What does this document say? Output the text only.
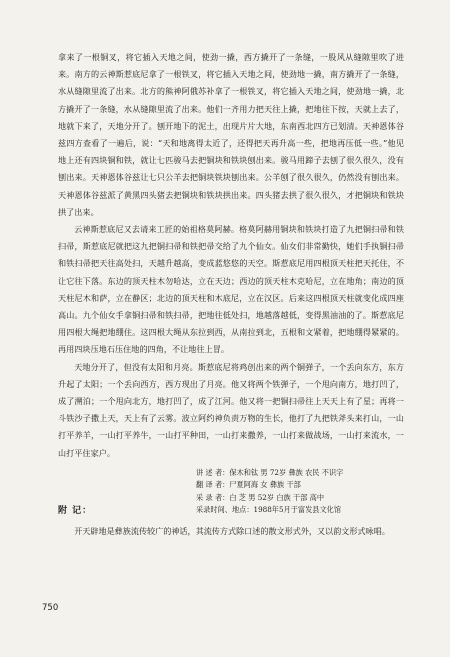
拿来了一根铜叉，将它插入天地之间，使劲一撬，西方撬开了一条缝，一股风从缝隙里吹了进来。南方的云神斯惹底尼拿了一根铁叉，将它插入天地之间，使劲地一撬，南方撬开了一条缝，水从缝隙里流了出来。北方的熊神阿俄苏补拿了一根铁叉，将它插入天地之间，使劲地一撬，北方撬开了一条缝，水从缝隙里流了出来。他们一齐用力把天往上撬，把地往下按，天就上去了，地就下来了，天地分开了。刨开地下的泥土，出现片片大地，东南西北四方已划清。天神恩体谷兹四方查看了一遍后，说：“天和地离得太近了，还得把天再升高一些，把地再压低一些。”他见地上还有四块铜和铁，就让七匹骏马去把铜块和铁块刨出来。骏马用蹄子去刨了很久很久，没有刨出来。天神恩体谷兹让七只公羊去把铜块铁块刨出来。公羊刨了很久很久，仍然没有刨出来。天神恩体谷兹派了黄黑四头猪去把铜块和铁块拱出来。四头猪去拱了很久很久，才把铜块和铁块拱了出来。

云神斯惹底尼又去请来工匠的始祖格莫阿赫。格莫阿赫用铜块和铁块打造了九把铜扫帚和铁扫帚，斯惹底尼就把这九把铜扫帚和铁把帚交给了九个仙女。仙女们非常勤快，她们手执铜扫帚和铁扫帚把天往高处扫，天越升越高，变成蓝悠悠的天空。斯惹底尼用四根顶天柱把天托住，不让它往下落。东边的顶天柱木勿哈达，立在天边；西边的顶天柱木克哈尼，立在地角；南边的顶天柱尼木和萨，立在静区；北边的顶天柱和木底尼，立在汉区。后来这四根顶天柱就变化成四座高山。九个仙女手拿铜扫帚和铁扫帚，把地往低处扫，地越落越低，变得黑油油的了。斯惹底尼用四根大绳把地绷住。这四根大绳从东拉到西，从南拉到北，五根和文紧着，把地绷得紧紧的。再用四块压地石压住地的四角，不让地往上冒。

天地分开了，但没有太阳和月亮。斯惹底尼将鸡创出来的两个铜弹子，一个丢向东方，东方升起了太阳；一个丢向西方，西方现出了月亮。他又将两个铁弹子，一个甩向南方，地打凹了，成了溯泊；一个甩向北方，地打凹了，成了江河。他又将一把铜扫帚往上天天上有了星；再将一斗铁沙子撒上天，天上有了云雾。波立阿约神负责万物的生长，他打了九把铁斧头来打山，一山打平养羊，一山打平养牛，一山打平种田，一山打来撒养，一山打来做战场，一山打来流水，一山打平住家户。

讲 述 者：保木和钛 男 72岁 彝族 农民 不识字

翻 译 者：尸夏阿海 女 彝族 干部

采 录 者：白 芝 男 52岁 白族 干部 高中

采录时间、地点：1988年5月于富发县文化馆

附 记：
开天辟地是彝族流传较广的神话，其流传方式除口述的散文形式外，又以韵文形式咏唱。
750
